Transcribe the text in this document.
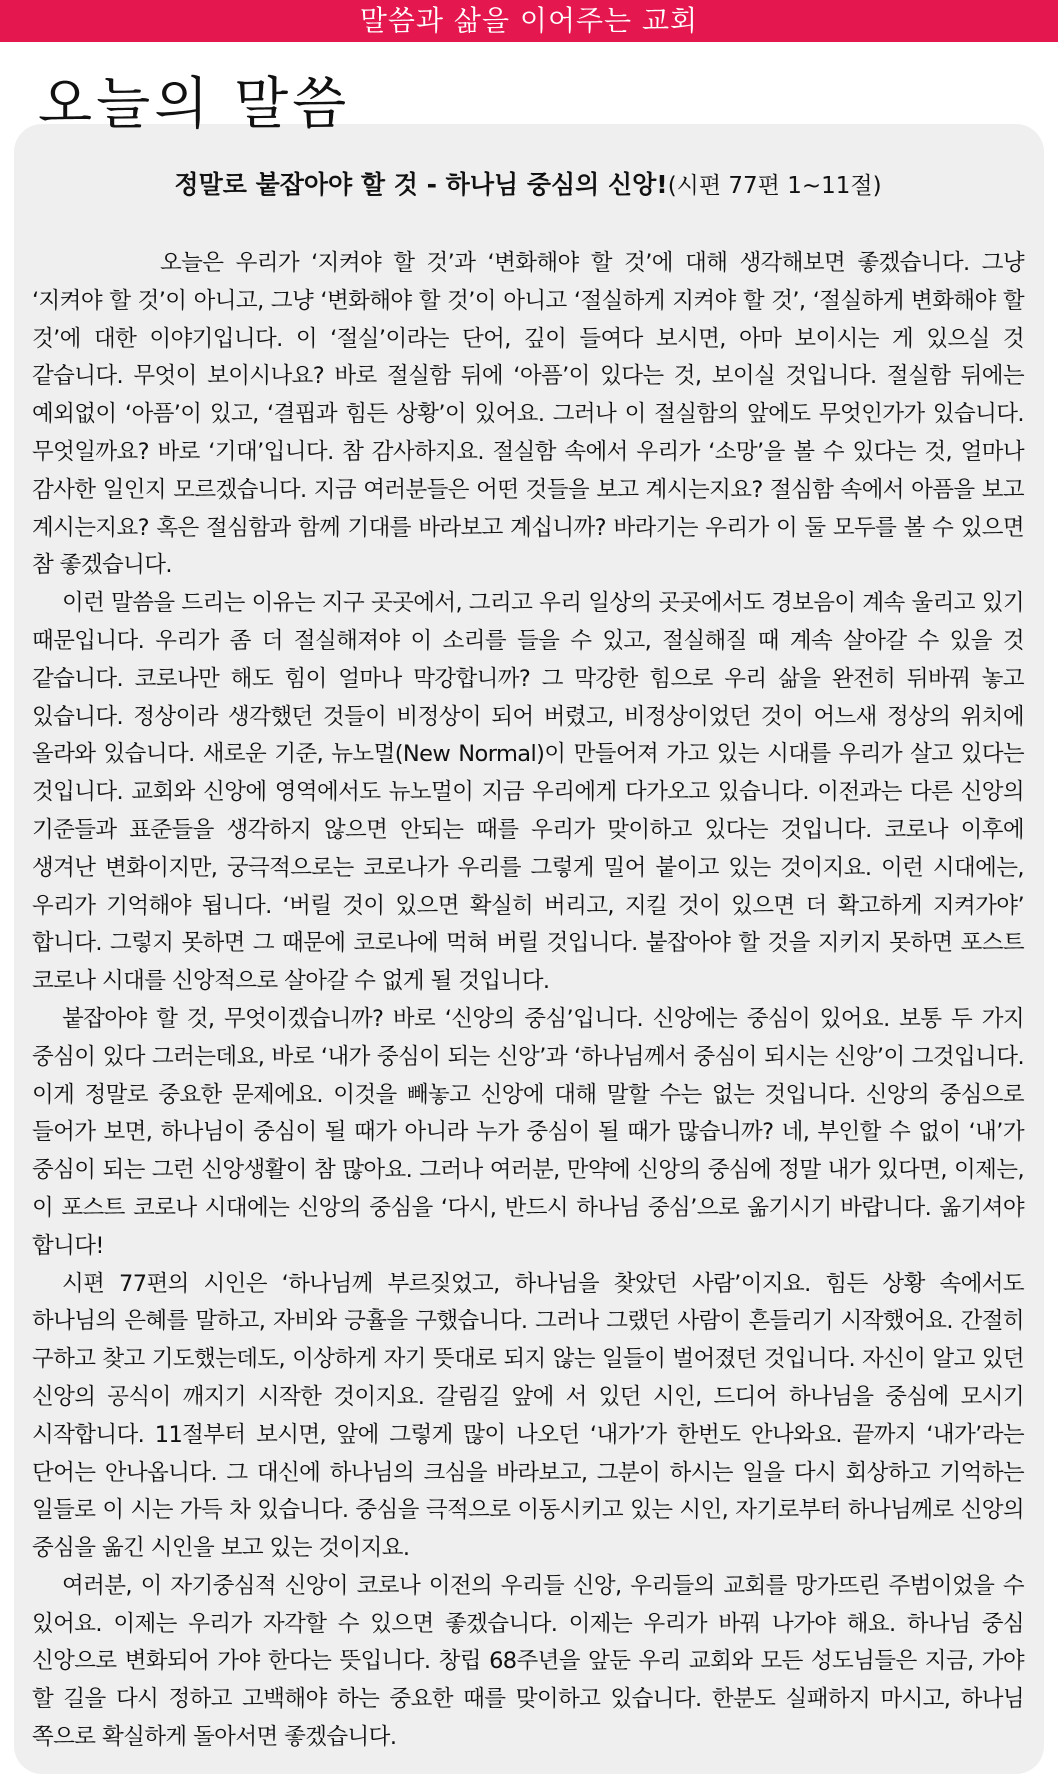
말씀과 삶을 이어주는 교회
오늘의 말씀
정말로 붙잡아야 할 것 - 하나님 중심의 신앙!(시편 77편 1~11절)

오늘은 우리가 ‘지켜야 할 것’과 ‘변화해야 할 것’에 대해 생각해보면 좋겠습니다. 그냥 ‘지켜야 할 것’이 아니고, 그냥 ‘변화해야 할 것’이 아니고 ‘절실하게 지켜야 할 것’, ‘절실하게 변화해야 할 것’에 대한 이야기입니다. 이 ‘절실’이라는 단어, 깊이 들여다 보시면, 아마 보이시는 게 있으실 것 같습니다. 무엇이 보이시나요? 바로 절실함 뒤에 ‘아픔’이 있다는 것, 보이실 것입니다. 절실함 뒤에는 예외없이 ‘아픔’이 있고, ‘결핍과 힘든 상황’이 있어요. 그러나 이 절실함의 앞에도 무엇인가가 있습니다. 무엇일까요? 바로 ‘기대’입니다. 참 감사하지요. 절실함 속에서 우리가 ‘소망’을 볼 수 있다는 것, 얼마나 감사한 일인지 모르겠습니다. 지금 여러분들은 어떤 것들을 보고 계시는지요? 절심함 속에서 아픔을 보고 계시는지요? 혹은 절심함과 함께 기대를 바라보고 계십니까? 바라기는 우리가 이 둘 모두를 볼 수 있으면 참 좋겠습니다.

이런 말씀을 드리는 이유는 지구 곳곳에서, 그리고 우리 일상의 곳곳에서도 경보음이 계속 울리고 있기 때문입니다. 우리가 좀 더 절실해져야 이 소리를 들을 수 있고, 절실해질 때 계속 살아갈 수 있을 것 같습니다. 코로나만 해도 힘이 얼마나 막강합니까? 그 막강한 힘으로 우리 삶을 완전히 뒤바꿔 놓고 있습니다. 정상이라 생각했던 것들이 비정상이 되어 버렸고, 비정상이었던 것이 어느새 정상의 위치에 올라와 있습니다. 새로운 기준, 뉴노멀(New Normal)이 만들어져 가고 있는 시대를 우리가 살고 있다는 것입니다. 교회와 신앙에 영역에서도 뉴노멀이 지금 우리에게 다가오고 있습니다. 이전과는 다른 신앙의 기준들과 표준들을 생각하지 않으면 안되는 때를 우리가 맞이하고 있다는 것입니다. 코로나 이후에 생겨난 변화이지만, 궁극적으로는 코로나가 우리를 그렇게 밀어 붙이고 있는 것이지요. 이런 시대에는, 우리가 기억해야 됩니다. ‘버릴 것이 있으면 확실히 버리고, 지킬 것이 있으면 더 확고하게 지켜가야’ 합니다. 그렇지 못하면 그 때문에 코로나에 먹혀 버릴 것입니다. 붙잡아야 할 것을 지키지 못하면 포스트 코로나 시대를 신앙적으로 살아갈 수 없게 될 것입니다.

붙잡아야 할 것, 무엇이겠습니까? 바로 ‘신앙의 중심’입니다. 신앙에는 중심이 있어요. 보통 두 가지 중심이 있다 그러는데요, 바로 ‘내가 중심이 되는 신앙’과 ‘하나님께서 중심이 되시는 신앙’이 그것입니다. 이게 정말로 중요한 문제에요. 이것을 빼놓고 신앙에 대해 말할 수는 없는 것입니다. 신앙의 중심으로 들어가 보면, 하나님이 중심이 될 때가 아니라 누가 중심이 될 때가 많습니까? 네, 부인할 수 없이 ‘내’가 중심이 되는 그런 신앙생활이 참 많아요. 그러나 여러분, 만약에 신앙의 중심에 정말 내가 있다면, 이제는, 이 포스트 코로나 시대에는 신앙의 중심을 ‘다시, 반드시 하나님 중심’으로 옮기시기 바랍니다. 옮기셔야 합니다!

시편 77편의 시인은 ‘하나님께 부르짖었고, 하나님을 찾았던 사람’이지요. 힘든 상황 속에서도 하나님의 은혜를 말하고, 자비와 긍휼을 구했습니다. 그러나 그랬던 사람이 흔들리기 시작했어요. 간절히 구하고 찾고 기도했는데도, 이상하게 자기 뜻대로 되지 않는 일들이 벌어졌던 것입니다. 자신이 알고 있던 신앙의 공식이 깨지기 시작한 것이지요. 갈림길 앞에 서 있던 시인, 드디어 하나님을 중심에 모시기 시작합니다. 11절부터 보시면, 앞에 그렇게 많이 나오던 ‘내가’가 한번도 안나와요. 끝까지 ‘내가’라는 단어는 안나옵니다. 그 대신에 하나님의 크심을 바라보고, 그분이 하시는 일을 다시 회상하고 기억하는 일들로 이 시는 가득 차 있습니다. 중심을 극적으로 이동시키고 있는 시인, 자기로부터 하나님께로 신앙의 중심을 옮긴 시인을 보고 있는 것이지요.

여러분, 이 자기중심적 신앙이 코로나 이전의 우리들 신앙, 우리들의 교회를 망가뜨린 주범이었을 수 있어요. 이제는 우리가 자각할 수 있으면 좋겠습니다. 이제는 우리가 바꿔 나가야 해요. 하나님 중심 신앙으로 변화되어 가야 한다는 뜻입니다. 창립 68주년을 앞둔 우리 교회와 모든 성도님들은 지금, 가야 할 길을 다시 정하고 고백해야 하는 중요한 때를 맞이하고 있습니다. 한분도 실패하지 마시고, 하나님 쪽으로 확실하게 돌아서면 좋겠습니다.
